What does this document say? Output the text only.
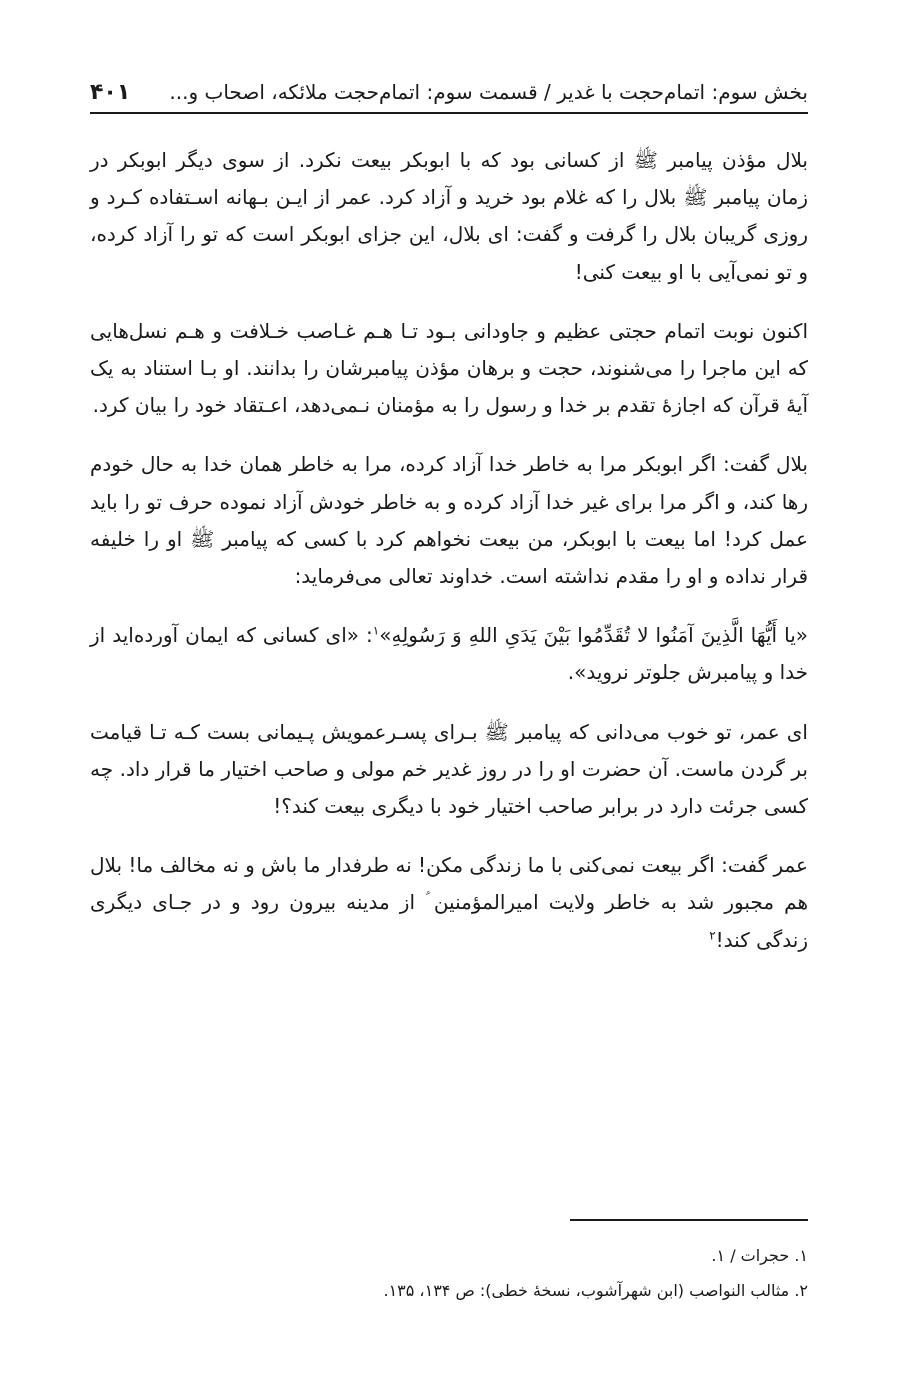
بخش سوم: اتمام‌حجت با غدیر / قسمت سوم: اتمام‌حجت ملائکه، اصحاب و...
۴۰۱

بلال مؤذن پیامبر ﷺ از کسانی بود که با ابوبکر بیعت نکرد. از سوی دیگر ابوبکر در زمان پیامبر ﷺ بلال را که غلام بود خرید و آزاد کرد. عمر از ایـن بـهانه اسـتفاده کـرد و روزی گریبان بلال را گرفت و گفت: ای بلال، این جزای ابوبکر است که تو را آزاد کرده، و تو نمی‌آیی با او بیعت کنی!

اکنون نوبت اتمام حجتی عظیم و جاودانی بـود تـا هـم غـاصب خـلافت و هـم نسل‌هایی که این ماجرا را می‌شنوند، حجت و برهان مؤذن پیامبرشان را بدانند. او بـا استناد به یک آیهٔ قرآن که اجازهٔ تقدم بر خدا و رسول را به مؤمنان نـمی‌دهد، اعـتقاد خود را بیان کرد.

بلال گفت: اگر ابوبکر مرا به خاطر خدا آزاد کرده، مرا به خاطر همان خدا به حال خودم رها کند، و اگر مرا برای غیر خدا آزاد کرده و به خاطر خودش آزاد نموده حرف تو را باید عمل کرد! اما بیعت با ابوبکر، من بیعت نخواهم کرد با کسی که پیامبر ﷺ او را خلیفه قرار نداده و او را مقدم نداشته است. خداوند تعالی می‌فرماید:

«یا أَیُّهَا الَّذِینَ آمَنُوا لا تُقَدِّمُوا بَیْنَ یَدَیِ اللهِ وَ رَسُولِهِ»$^۱$: «ای کسانی که ایمان آورده‌اید از خدا و پیامبرش جلوتر نروید».

ای عمر، تو خوب می‌دانی که پیامبر ﷺ بـرای پسـرعمویش پـیمانی بست کـه تـا قیامت بر گردن ماست. آن حضرت او را در روز غدیر خم مولی و صاحب اختیار ما قرار داد. چه کسی جرئت دارد در برابر صاحب اختیار خود با دیگری بیعت کند؟!

عمر گفت: اگر بیعت نمی‌کنی با ما زندگی مکن! نه طرفدار ما باش و نه مخالف ما! بلال هم مجبور شد به خاطر ولایت امیرالمؤمنین ؑ از مدینه بیرون رود و در جـای دیگری زندگی کند!$^۲$

۱. حجرات / ۱.
۲. مثالب النواصب (ابن شهرآشوب، نسخهٔ خطی): ص ۱۳۴، ۱۳۵.
